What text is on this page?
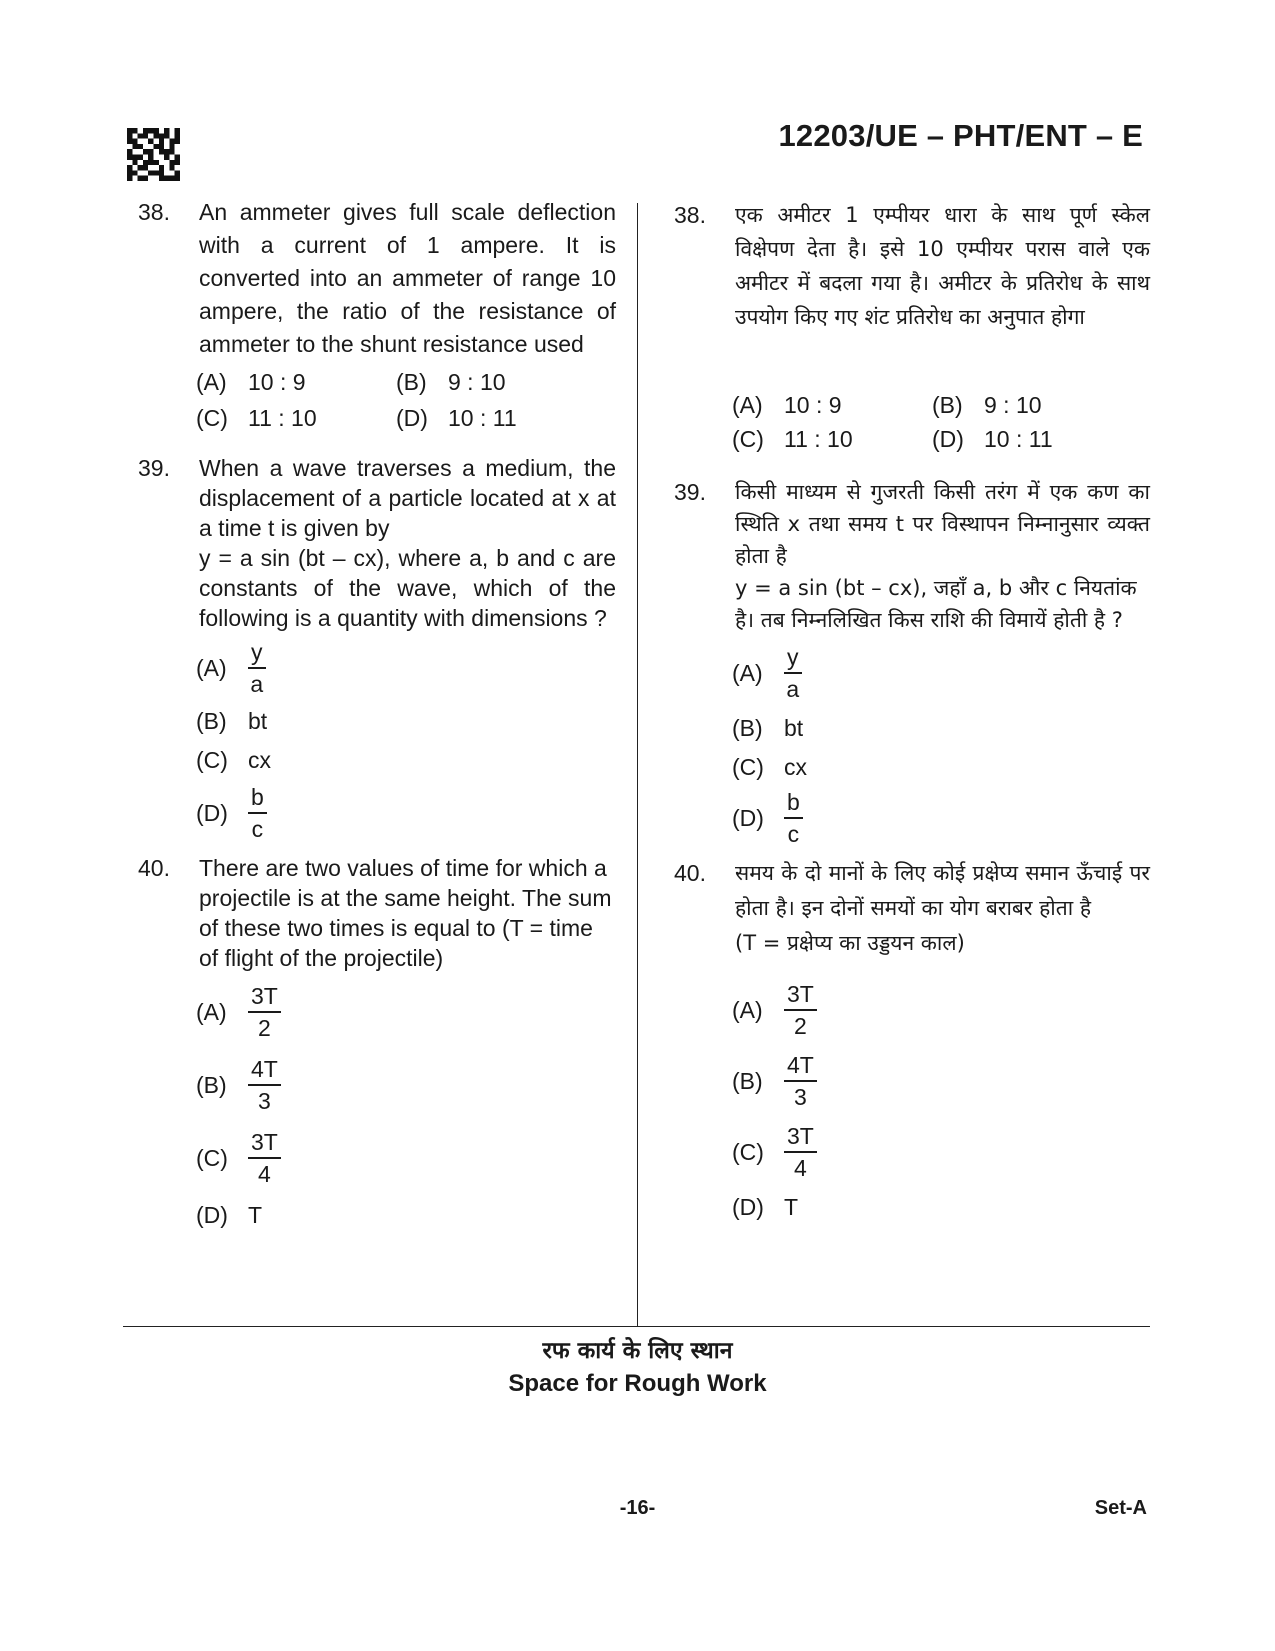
12203/UE – PHT/ENT – E
38. An ammeter gives full scale deflection with a current of 1 ampere. It is converted into an ammeter of range 10 ampere, the ratio of the resistance of ammeter to the shunt resistance used
(A) 10 : 9	(B) 9 : 10
(C) 11 : 10	(D) 10 : 11
39. When a wave traverses a medium, the displacement of a particle located at x at a time t is given by
y = a sin (bt – cx), where a, b and c are constants of the wave, which of the following is a quantity with dimensions ?
$(A) \frac{y}{a}$
(B) bt
(C) cx
$(D) \frac{b}{c}$
40. There are two values of time for which a projectile is at the same height. The sum of these two times is equal to (T = time of flight of the projectile)
$(A) \frac{3T}{2}$
$(B) \frac{4T}{3}$
$(C) \frac{3T}{4}$
(D) T
38. एक अमीटर 1 एम्पीयर धारा के साथ पूर्ण स्केल विक्षेपण देता है। इसे 10 एम्पीयर परास वाले एक अमीटर में बदला गया है। अमीटर के प्रतिरोध के साथ उपयोग किए गए शंट प्रतिरोध का अनुपात होगा
(A) 10 : 9	(B) 9 : 10
(C) 11 : 10	(D) 10 : 11
39. किसी माध्यम से गुजरती किसी तरंग में एक कण का स्थिति x तथा समय t पर विस्थापन निम्नानुसार व्यक्त होता है
y = a sin (bt – cx), जहाँ a, b और c नियतांक है। तब निम्नलिखित किस राशि की विमायें होती है ?
$(A) \frac{y}{a}$
(B) bt
(C) cx
$(D) \frac{b}{c}$
40. समय के दो मानों के लिए कोई प्रक्षेप्य समान ऊँचाई पर होता है। इन दोनों समयों का योग बराबर होता है
(T = प्रक्षेप्य का उड्डयन काल)
$(A) \frac{3T}{2}$
$(B) \frac{4T}{3}$
$(C) \frac{3T}{4}$
(D) T
रफ कार्य के लिए स्थान
Space for Rough Work
-16-	Set-A
